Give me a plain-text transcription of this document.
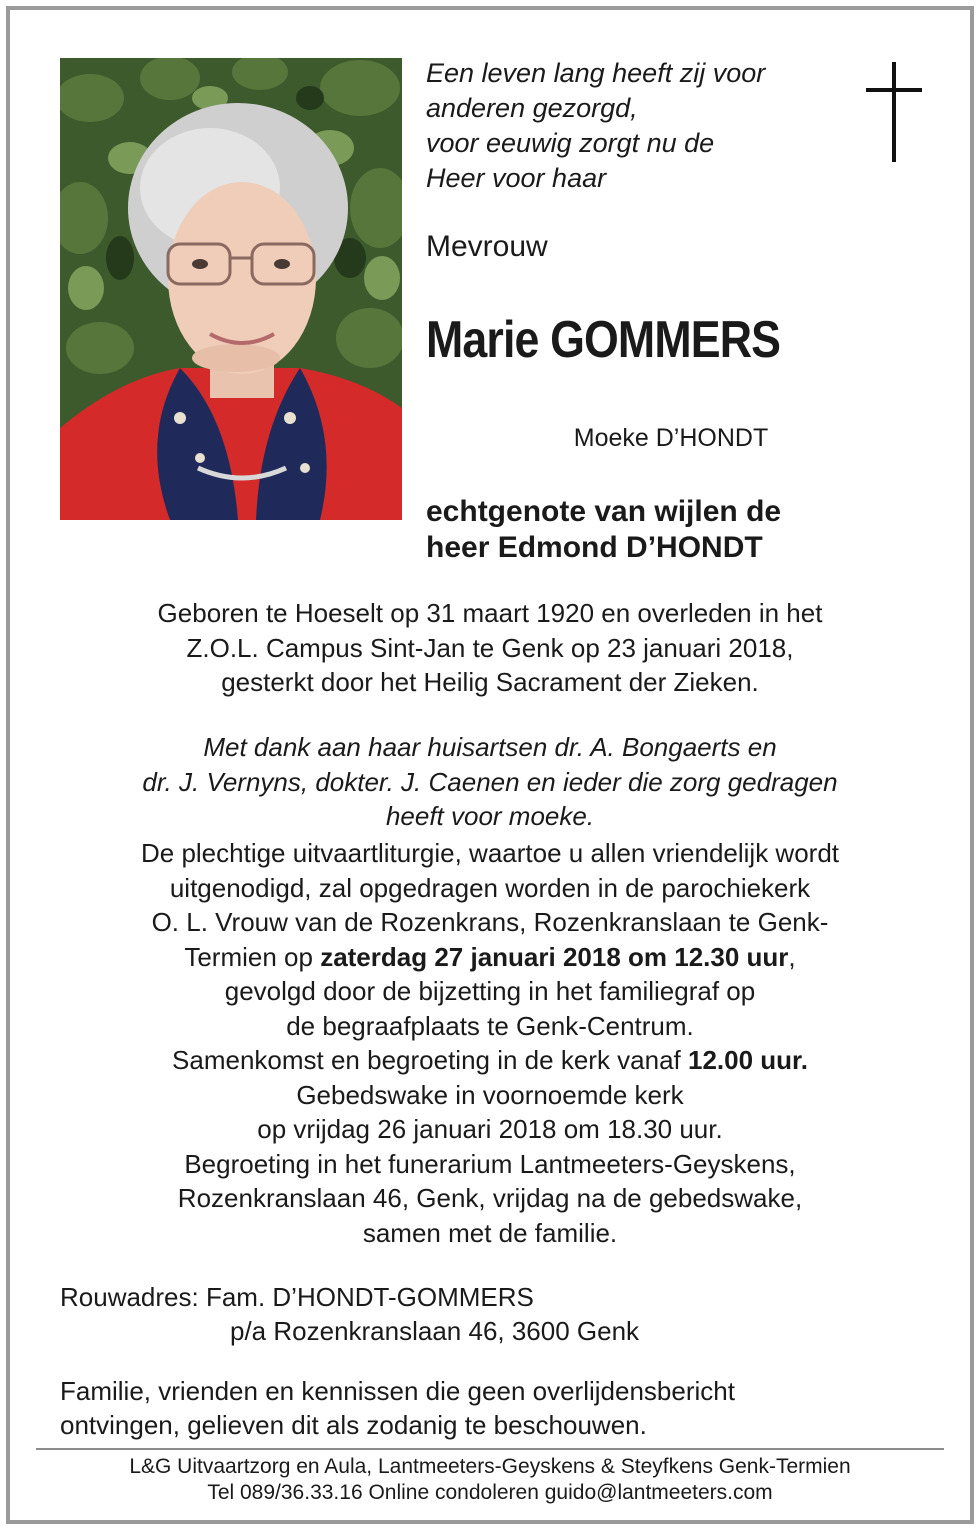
Een leven lang heeft zij voor
anderen gezorgd,
voor eeuwig zorgt nu de
Heer voor haar
Mevrouw
Marie GOMMERS
Moeke D’HONDT
echtgenote van wijlen de
heer Edmond D’HONDT
Geboren te Hoeselt op 31 maart 1920 en overleden in het
Z.O.L. Campus Sint-Jan te Genk op 23 januari 2018,
gesterkt door het Heilig Sacrament der Zieken.
Met dank aan haar huisartsen dr. A. Bongaerts en
dr. J. Vernyns, dokter. J. Caenen en ieder die zorg gedragen
heeft voor moeke.
De plechtige uitvaartliturgie, waartoe u allen vriendelijk wordt
uitgenodigd, zal opgedragen worden in de parochiekerk
O. L. Vrouw van de Rozenkrans, Rozenkranslaan te Genk-
Termien op zaterdag 27 januari 2018 om 12.30 uur,
gevolgd door de bijzetting in het familiegraf op
de begraafplaats te Genk-Centrum.
Samenkomst en begroeting in de kerk vanaf 12.00 uur.
Gebedswake in voornoemde kerk
op vrijdag 26 januari 2018 om 18.30 uur.
Begroeting in het funerarium Lantmeeters-Geyskens,
Rozenkranslaan 46, Genk, vrijdag na de gebedswake,
samen met de familie.
Rouwadres: Fam. D’HONDT-GOMMERS
p/a Rozenkranslaan 46, 3600 Genk
Familie, vrienden en kennissen die geen overlijdensbericht
ontvingen, gelieven dit als zodanig te beschouwen.
L&G Uitvaartzorg en Aula, Lantmeeters-Geyskens & Steyfkens Genk-Termien
Tel 089/36.33.16 Online condoleren guido@lantmeeters.com
